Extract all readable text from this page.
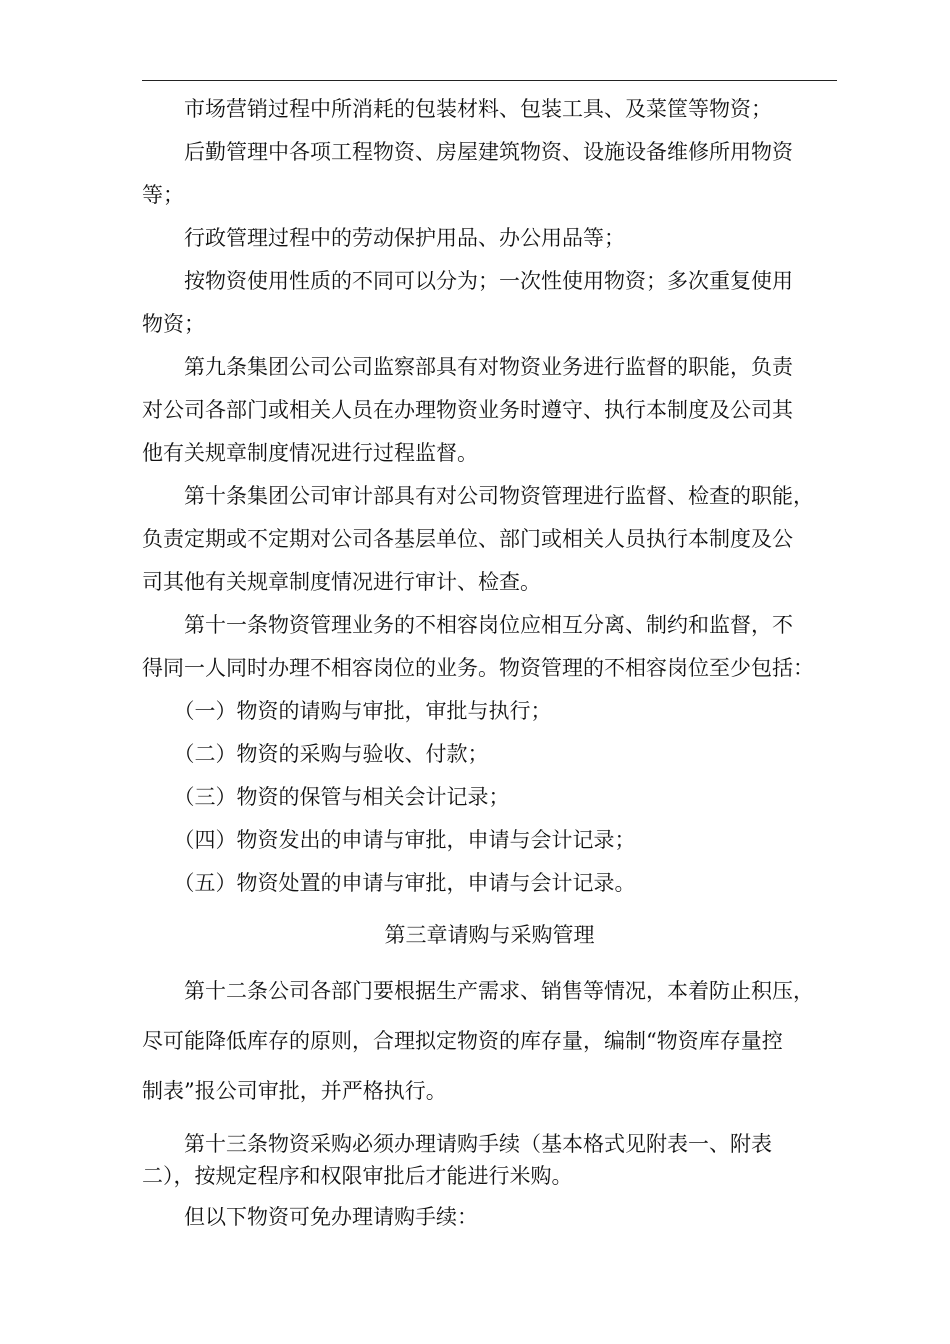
　　市场营销过程中所消耗的包装材料、包装工具、及菜筐等物资；
　　后勤管理中各项工程物资、房屋建筑物资、设施设备维修所用物资
等；
　　行政管理过程中的劳动保护用品、办公用品等；
　　按物资使用性质的不同可以分为；一次性使用物资；多次重复使用
物资；
　　第九条集团公司公司监察部具有对物资业务进行监督的职能，负责
对公司各部门或相关人员在办理物资业务时遵守、执行本制度及公司其
他有关规章制度情况进行过程监督。
　　第十条集团公司审计部具有对公司物资管理进行监督、检查的职能，
负责定期或不定期对公司各基层单位、部门或相关人员执行本制度及公
司其他有关规章制度情况进行审计、检查。
　　第十一条物资管理业务的不相容岗位应相互分离、制约和监督，不
得同一人同时办理不相容岗位的业务。物资管理的不相容岗位至少包括：
　　（一）物资的请购与审批，审批与执行；
　　（二）物资的采购与验收、付款；
　　（三）物资的保管与相关会计记录；
　　（四）物资发出的申请与审批，申请与会计记录；
　　（五）物资处置的申请与审批，申请与会计记录。
第三章请购与采购管理
　　第十二条公司各部门要根据生产需求、销售等情况，本着防止积压，
尽可能降低库存的原则，合理拟定物资的库存量，编制“物资库存量控
制表”报公司审批，并严格执行。
　　第十三条物资采购必须办理请购手续（基本格式见附表一、附表
二），按规定程序和权限审批后才能进行米购。
　　但以下物资可免办理请购手续：
